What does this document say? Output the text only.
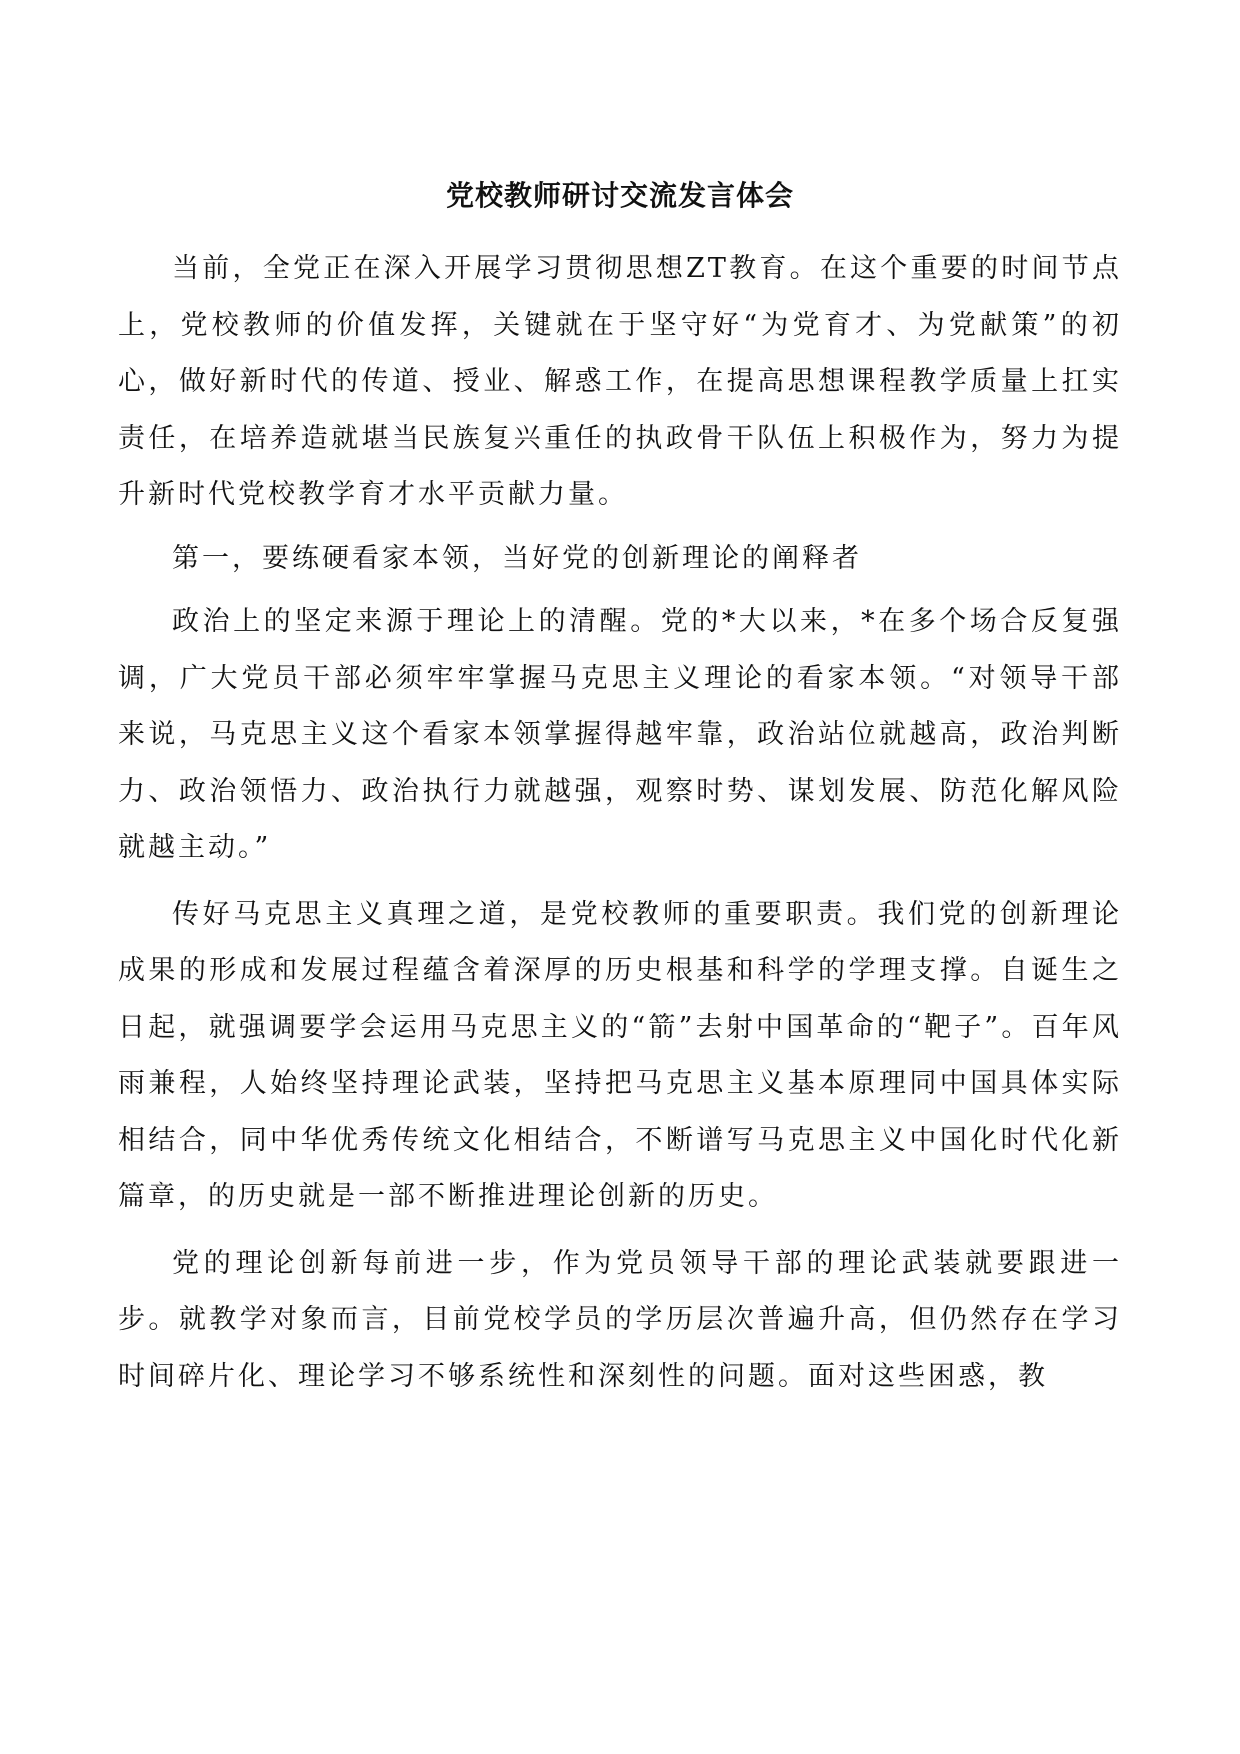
党校教师研讨交流发言体会

当前，全党正在深入开展学习贯彻思想ZT教育。在这个重要的时间节点上，党校教师的价值发挥，关键就在于坚守好“为党育才、为党献策”的初心，做好新时代的传道、授业、解惑工作，在提高思想课程教学质量上扛实责任，在培养造就堪当民族复兴重任的执政骨干队伍上积极作为，努力为提升新时代党校教学育才水平贡献力量。

第一，要练硬看家本领，当好党的创新理论的阐释者

政治上的坚定来源于理论上的清醒。党的*大以来，*在多个场合反复强调，广大党员干部必须牢牢掌握马克思主义理论的看家本领。“对领导干部来说，马克思主义这个看家本领掌握得越牢靠，政治站位就越高，政治判断力、政治领悟力、政治执行力就越强，观察时势、谋划发展、防范化解风险就越主动。”

传好马克思主义真理之道，是党校教师的重要职责。我们党的创新理论成果的形成和发展过程蕴含着深厚的历史根基和科学的学理支撑。自诞生之日起，就强调要学会运用马克思主义的“箭”去射中国革命的“靶子”。百年风雨兼程，人始终坚持理论武装，坚持把马克思主义基本原理同中国具体实际相结合，同中华优秀传统文化相结合，不断谱写马克思主义中国化时代化新篇章，的历史就是一部不断推进理论创新的历史。

党的理论创新每前进一步，作为党员领导干部的理论武装就要跟进一步。就教学对象而言，目前党校学员的学历层次普遍升高，但仍然存在学习时间碎片化、理论学习不够系统性和深刻性的问题。面对这些困惑，教
